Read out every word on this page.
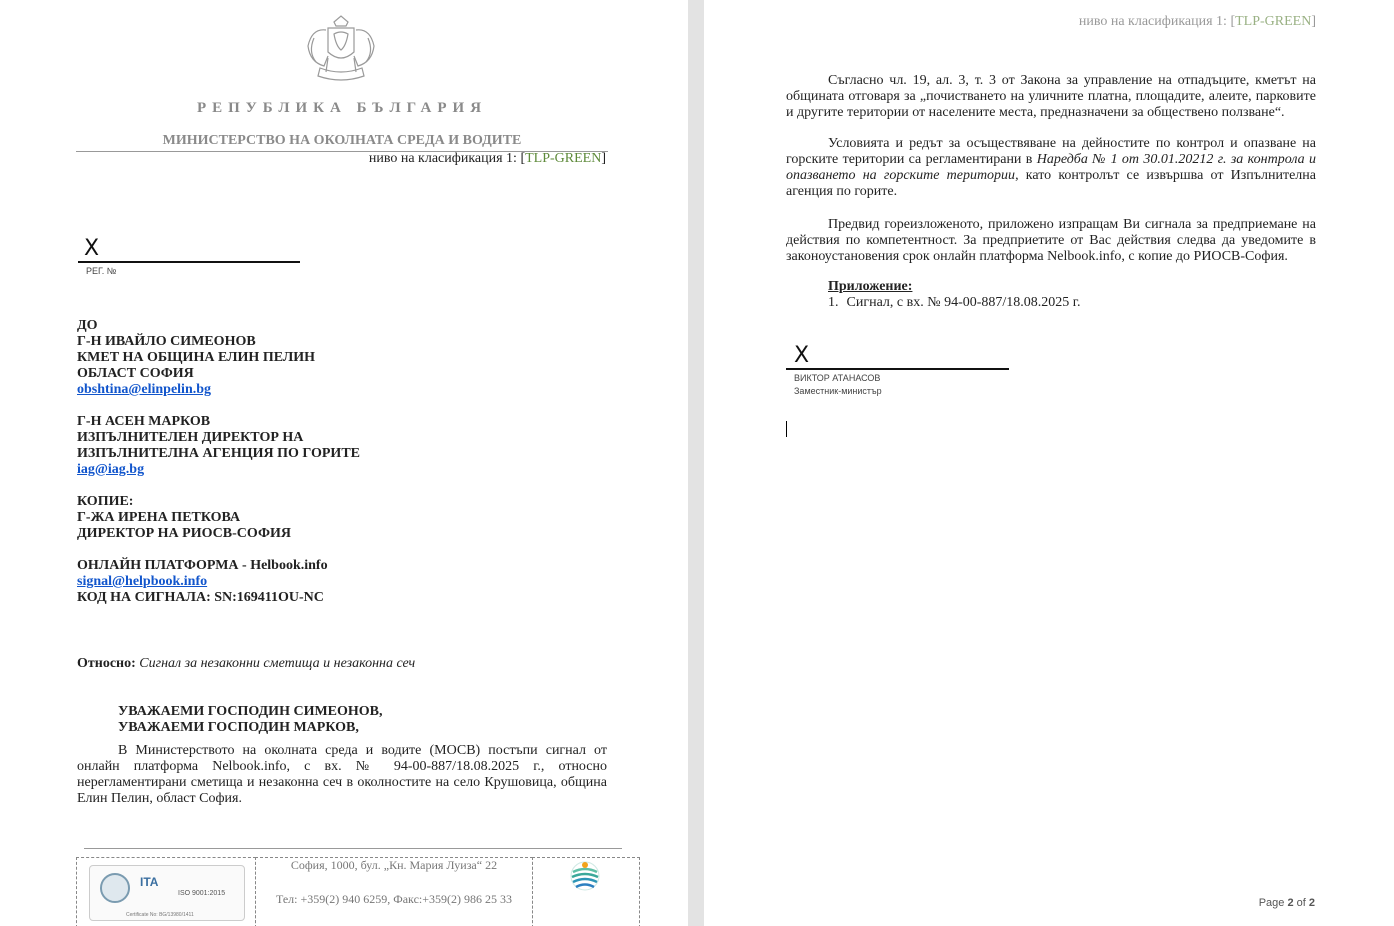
РЕПУБЛИКА БЪЛГАРИЯ
МИНИСТЕРСТВО НА ОКОЛНАТА СРЕДА И ВОДИТЕ
ниво на класификация 1: [TLP-GREEN]
X
РЕГ. №
ДО
Г-Н ИВАЙЛО СИМЕОНОВ
КМЕТ НА ОБЩИНА ЕЛИН ПЕЛИН
ОБЛАСТ СОФИЯ
obshtina@elinpelin.bg
Г-Н АСЕН МАРКОВ
ИЗПЪЛНИТЕЛЕН ДИРЕКТОР НА
ИЗПЪЛНИТЕЛНА АГЕНЦИЯ ПО ГОРИТЕ
iag@iag.bg
КОПИЕ:
Г-ЖА ИРЕНА ПЕТКОВА
ДИРЕКТОР НА РИОСВ-СОФИЯ
ОНЛАЙН ПЛАТФОРМА - Helbook.info
signal@helpbook.info
КОД НА СИГНАЛА: SN:169411OU-NC
Относно: Сигнал за незаконни сметища и незаконна сеч
УВАЖАЕМИ ГОСПОДИН СИМЕОНОВ,
УВАЖАЕМИ ГОСПОДИН МАРКОВ,
В Министерството на околната среда и водите (МОСВ) постъпи сигнал от онлайн платформа Nelbook.info, с вх. № 94-00-887/18.08.2025 г., относно нерегламентирани сметища и незаконна сеч в околностите на село Крушовица, община Елин Пелин, област София.
ITA
ISO 9001:2015
Certificate No: BG/13980/1411
София, 1000, бул. „Кн. Мария Луиза“ 22
Тел: +359(2) 940 6259, Факс:+359(2) 986 25 33
ниво на класификация 1: [TLP-GREEN]
Съгласно чл. 19, ал. 3, т. 3 от Закона за управление на отпадъците, кметът на общината отговаря за „почистването на уличните платна, площадите, алеите, парковите и другите територии от населените места, предназначени за обществено ползване“.
Условията и редът за осъществяване на дейностите по контрол и опазване на горските територии са регламентирани в Наредба № 1 от 30.01.20212 г. за контрола и опазването на горските територии, като контролът се извършва от Изпълнителна агенция по горите.
Предвид гореизложеното, приложено изпращам Ви сигнала за предприемане на действия по компетентност. За предприетите от Вас действия следва да уведомите в законоустановения срок онлайн платформа Nelbook.info, с копие до РИОСВ-София.
Приложение:
1. Сигнал, с вх. № 94-00-887/18.08.2025 г.
X
ВИКТОР АТАНАСОВ
Заместник-министър
Page 2 of 2
